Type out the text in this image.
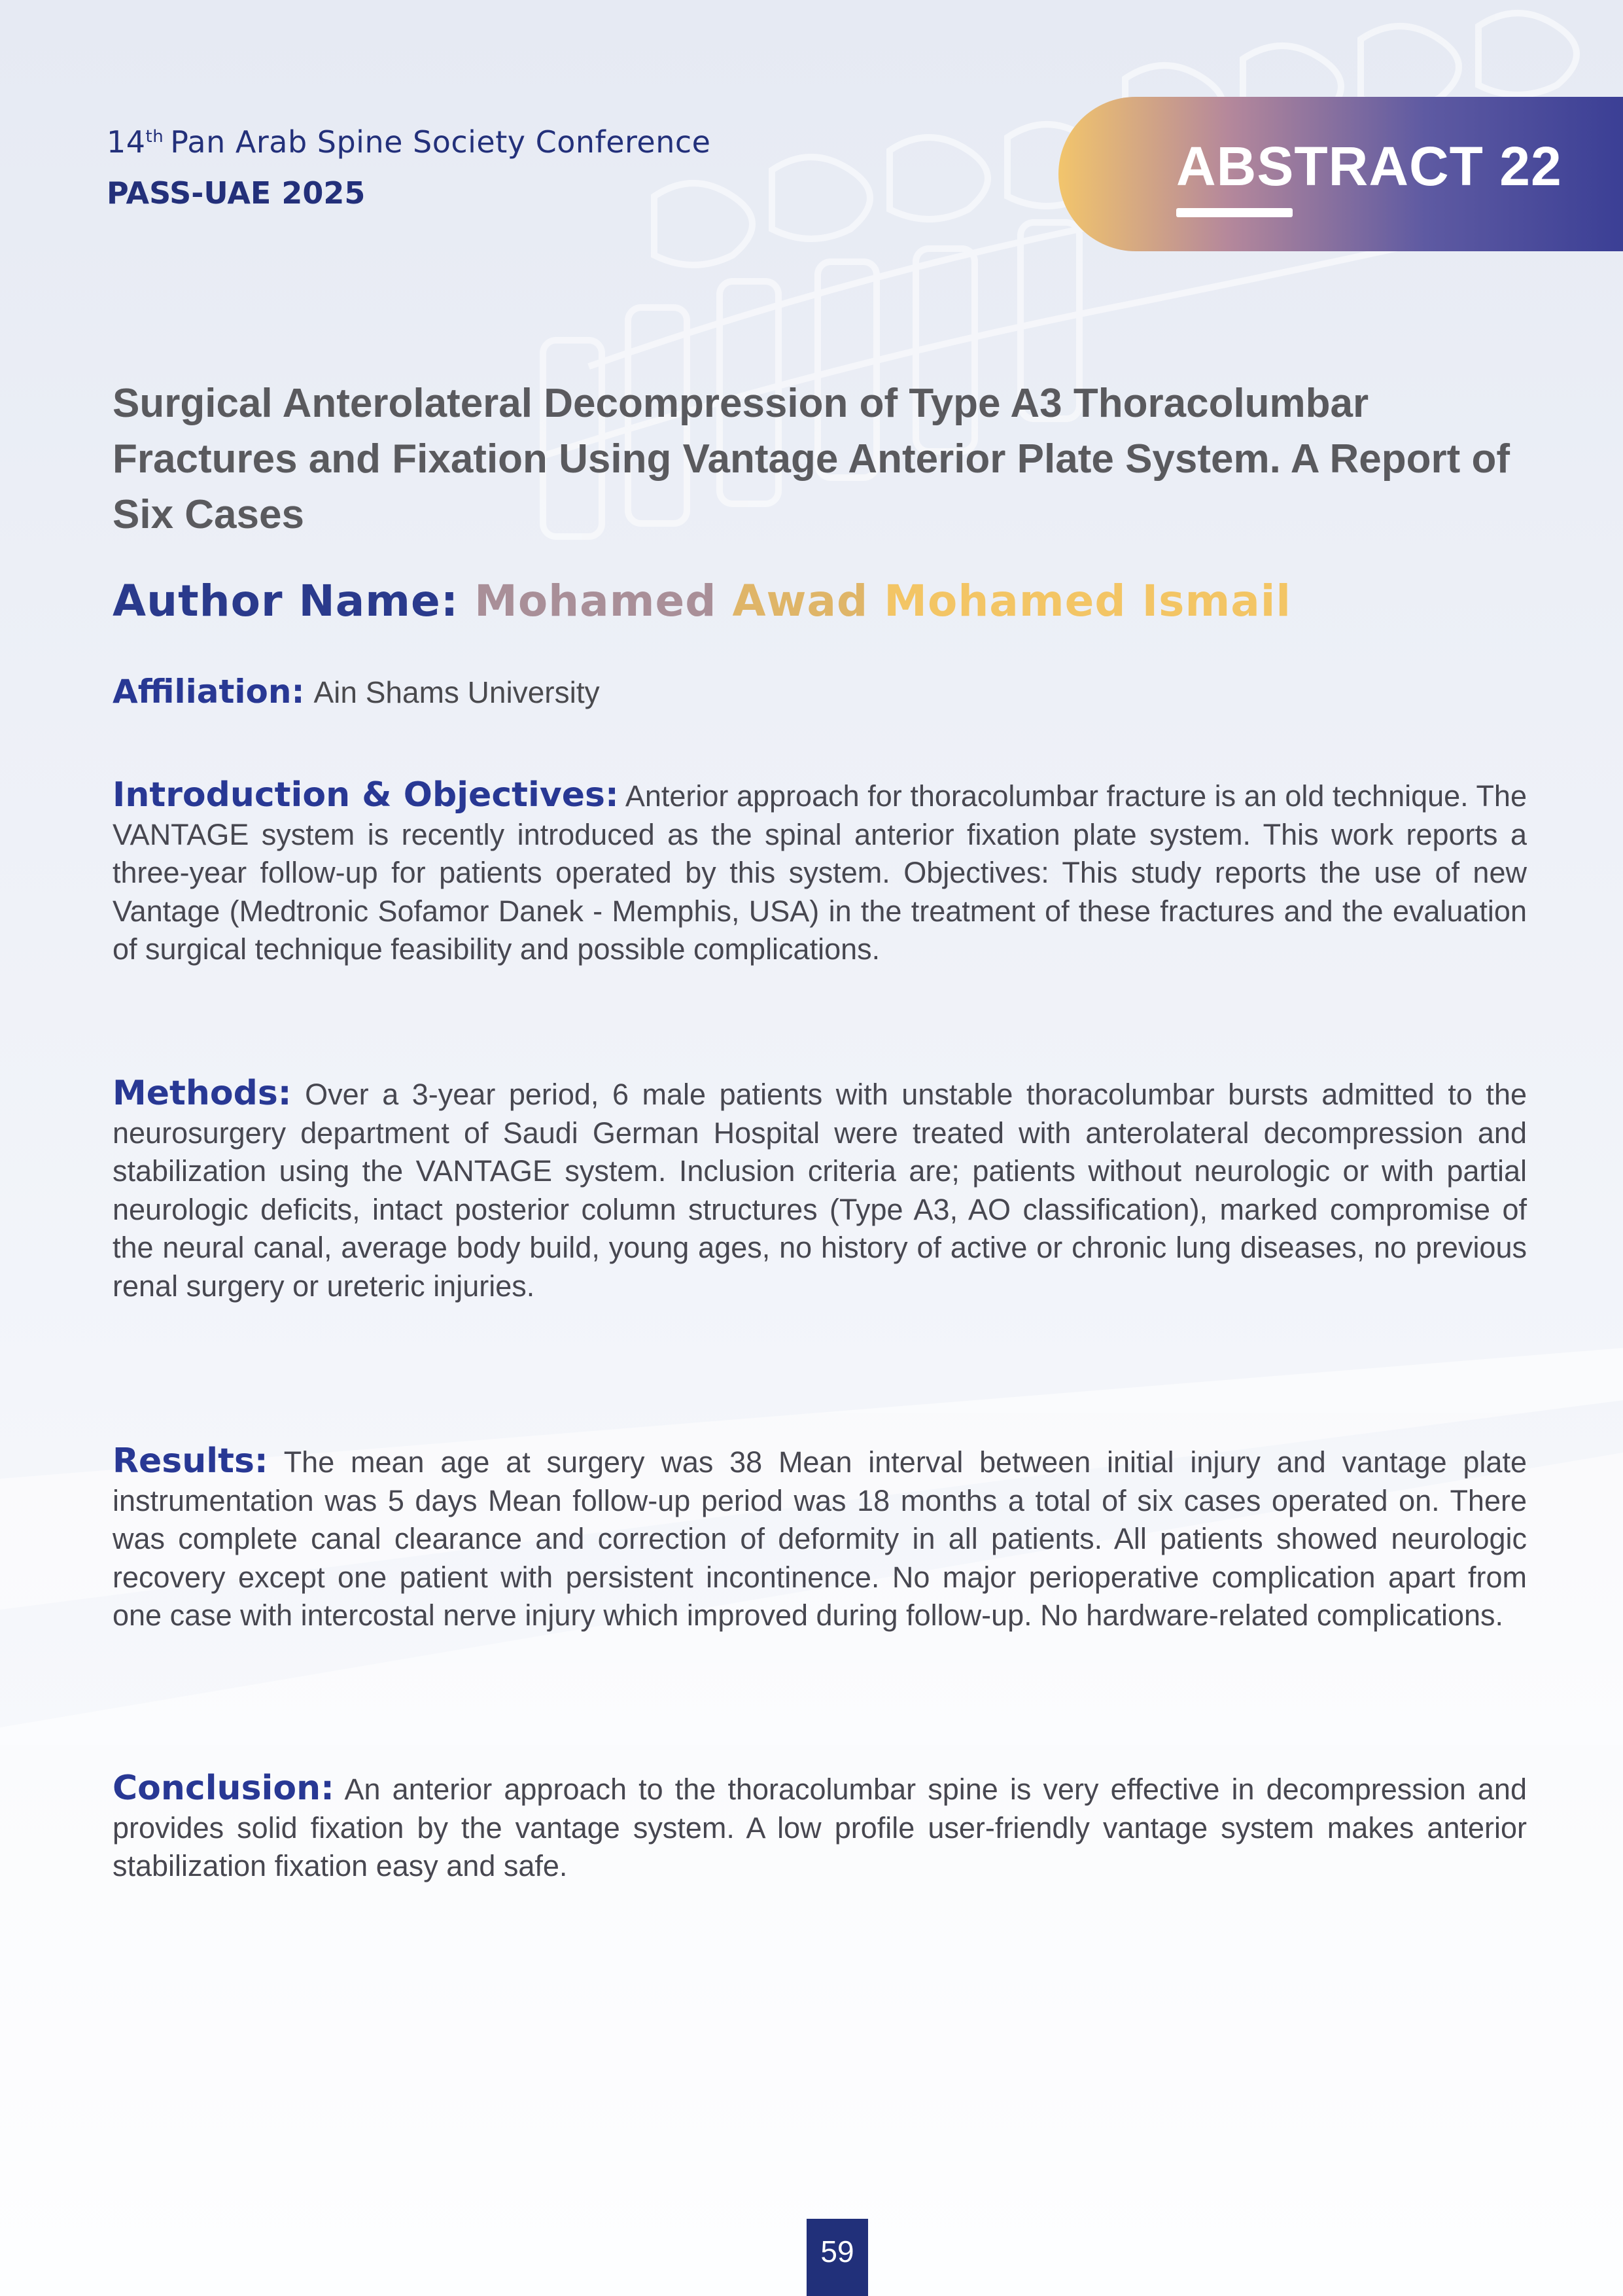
14th Pan Arab Spine Society Conference
PASS-UAE 2025	ABSTRACT 22
Surgical Anterolateral Decompression of Type A3 Thoracolumbar Fractures and Fixation Using Vantage Anterior Plate System. A Report of Six Cases
Author Name: Mohamed Awad Mohamed Ismail
Affiliation: Ain Shams University
Introduction & Objectives: Anterior approach for thoracolumbar fracture is an old technique. The VANTAGE system is recently introduced as the spinal anterior fixation plate system. This work reports a three-year follow-up for patients operated by this system. Objectives: This study reports the use of new Vantage (Medtronic Sofamor Danek - Memphis, USA) in the treatment of these fractures and the evaluation of surgical technique feasibility and possible complications.
Methods: Over a 3-year period, 6 male patients with unstable thoracolumbar bursts admitted to the neurosurgery department of Saudi German Hospital were treated with anterolateral decompression and stabilization using the VANTAGE system. Inclusion criteria are; patients without neurologic or with partial neurologic deficits, intact posterior column structures (Type A3, AO classification), marked compromise of the neural canal, average body build, young ages, no history of active or chronic lung diseases, no previous renal surgery or ureteric injuries.
Results: The mean age at surgery was 38 Mean interval between initial injury and vantage plate instrumentation was 5 days Mean follow-up period was 18 months a total of six cases operated on. There was complete canal clearance and correction of deformity in all patients. All patients showed neurologic recovery except one patient with persistent incontinence. No major perioperative complication apart from one case with intercostal nerve injury which improved during follow-up. No hardware-related complications.
Conclusion: An anterior approach to the thoracolumbar spine is very effective in decompression and provides solid fixation by the vantage system. A low profile user-friendly vantage system makes anterior stabilization fixation easy and safe.
59
